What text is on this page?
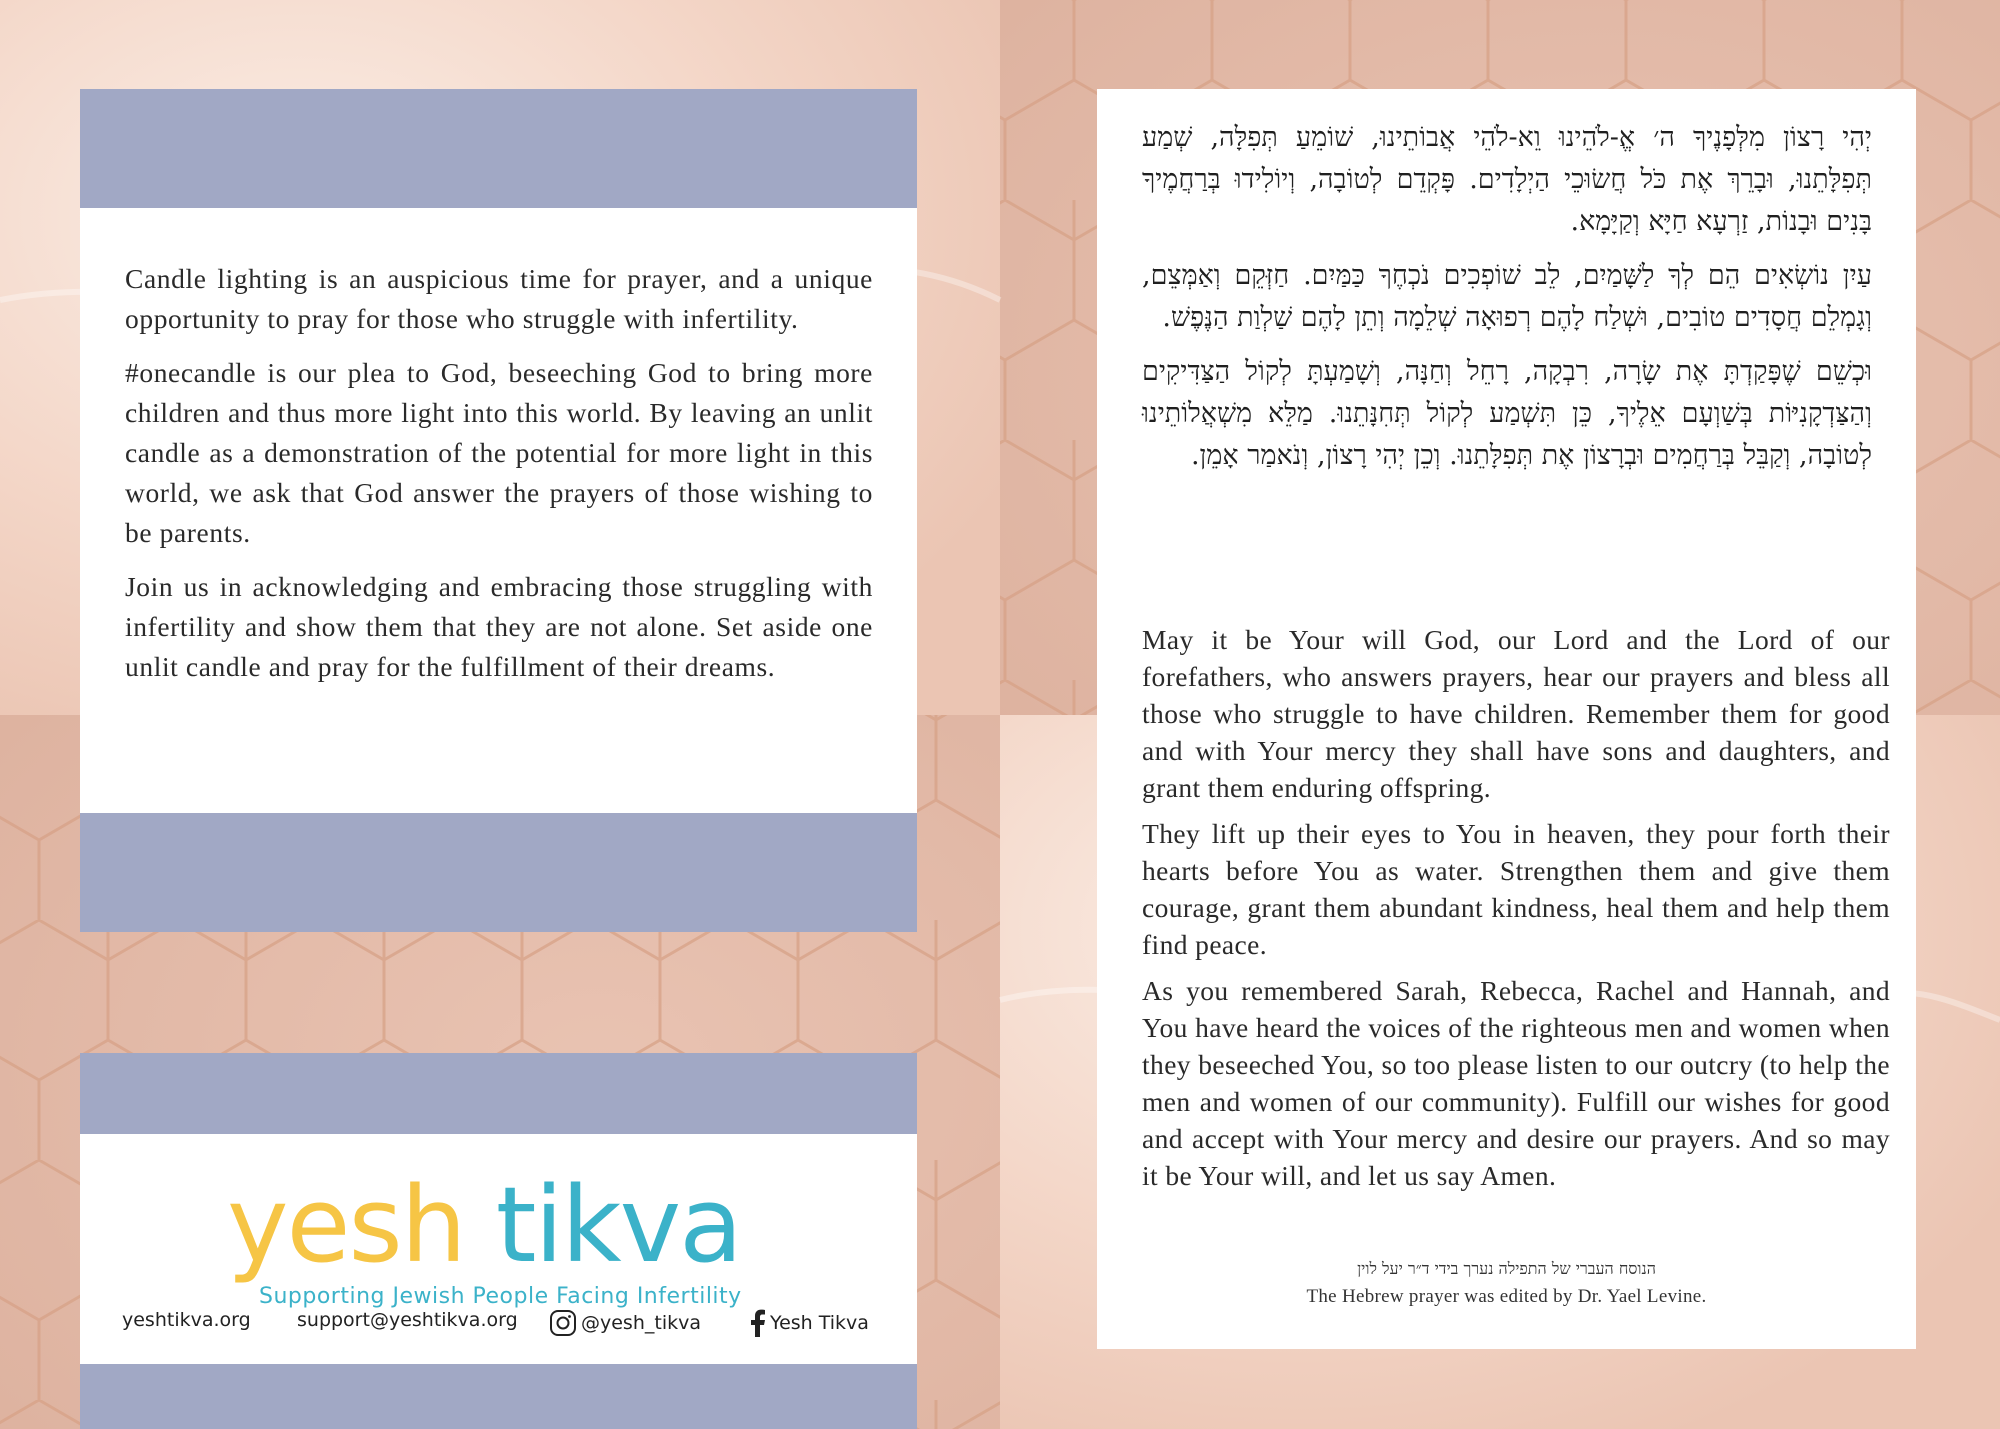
Candle lighting is an auspicious time for prayer, and a unique opportunity to pray for those who struggle with infertility.

#onecandle is our plea to God, beseeching God to bring more children and thus more light into this world. By leaving an unlit candle as a demonstration of the potential for more light in this world, we ask that God answer the prayers of those wishing to be parents.

Join us in acknowledging and embracing those struggling with infertility and show them that they are not alone. Set aside one unlit candle and pray for the fulfillment of their dreams.

yesh tikva
Supporting Jewish People Facing Infertility
yeshtikva.org support@yeshtikva.org	@yesh_tikva	Yesh Tikva

יְהִי רָצוֹן מִלְּפָנֶיךָ ה׳ אֱ-לֹהֵינוּ וֵא-לֹהֵי אֲבוֹתֵינוּ, שׁוֹמֵעַ תְּפִלָּה, שְׁמַע תְּפִלָּתֵנוּ, וּבָרֵךְ אֶת כֹּל חֲשׂוּכֵי הַיְלָדִים. פָּקְדֵם לְטוֹבָה, וְיוֹלִידוּ בְּרַחֲמֶיךָ בָּנִים וּבָנוֹת, זַרְעָא חַיָּא וְקַיָּמָא.

עַיִן נוֹשְׂאִים הֵם לְךָ לַשָּׁמַיִם, לֵב שׁוֹפְכִים נֹכְחֶךָ כַּמַּיִם. חַזְּקֵם וְאַמְּצֵם, וְגָמְלֵם חֲסָדִים טוֹבִים, וּשְׁלַח לָהֶם רְפוּאָה שְׁלֵמָה וְתֵן לָהֶם שַׁלְוַת הַנֶּפֶשׁ.

וּכְשֵׁם שֶׁפָּקַדְתָּ אֶת שָׂרָה, רִבְקָה, רָחֵל וְחַנָּה, וְשָׁמַעְתָּ לְקוֹל הַצַּדִּיקִים וְהַצַּדְקָנִיּוֹת בְּשַׁוְעָם אֵלֶיךָ, כֵּן תִּשְׁמַע לְקוֹל תְּחִנָּתֵנוּ. מַלֵּא מִשְׁאֲלוֹתֵינוּ לְטוֹבָה, וְקַבֵּל בְּרַחֲמִים וּבְרָצוֹן אֶת תְּפִלָּתֵנוּ. וְכֵן יְהִי רָצוֹן, וְנֹאמַר אָמֵן.

May it be Your will God, our Lord and the Lord of our forefathers, who answers prayers, hear our prayers and bless all those who struggle to have children. Remember them for good and with Your mercy they shall have sons and daughters, and grant them enduring offspring.

They lift up their eyes to You in heaven, they pour forth their hearts before You as water. Strengthen them and give them courage, grant them abundant kindness, heal them and help them find peace.

As you remembered Sarah, Rebecca, Rachel and Hannah, and You have heard the voices of the righteous men and women when they beseeched You, so too please listen to our outcry (to help the men and women of our community). Fulfill our wishes for good and accept with Your mercy and desire our prayers. And so may it be Your will, and let us say Amen.

הנוסח העברי של התפילה נערך בידי ד״ר יעל לוין
The Hebrew prayer was edited by Dr. Yael Levine.
